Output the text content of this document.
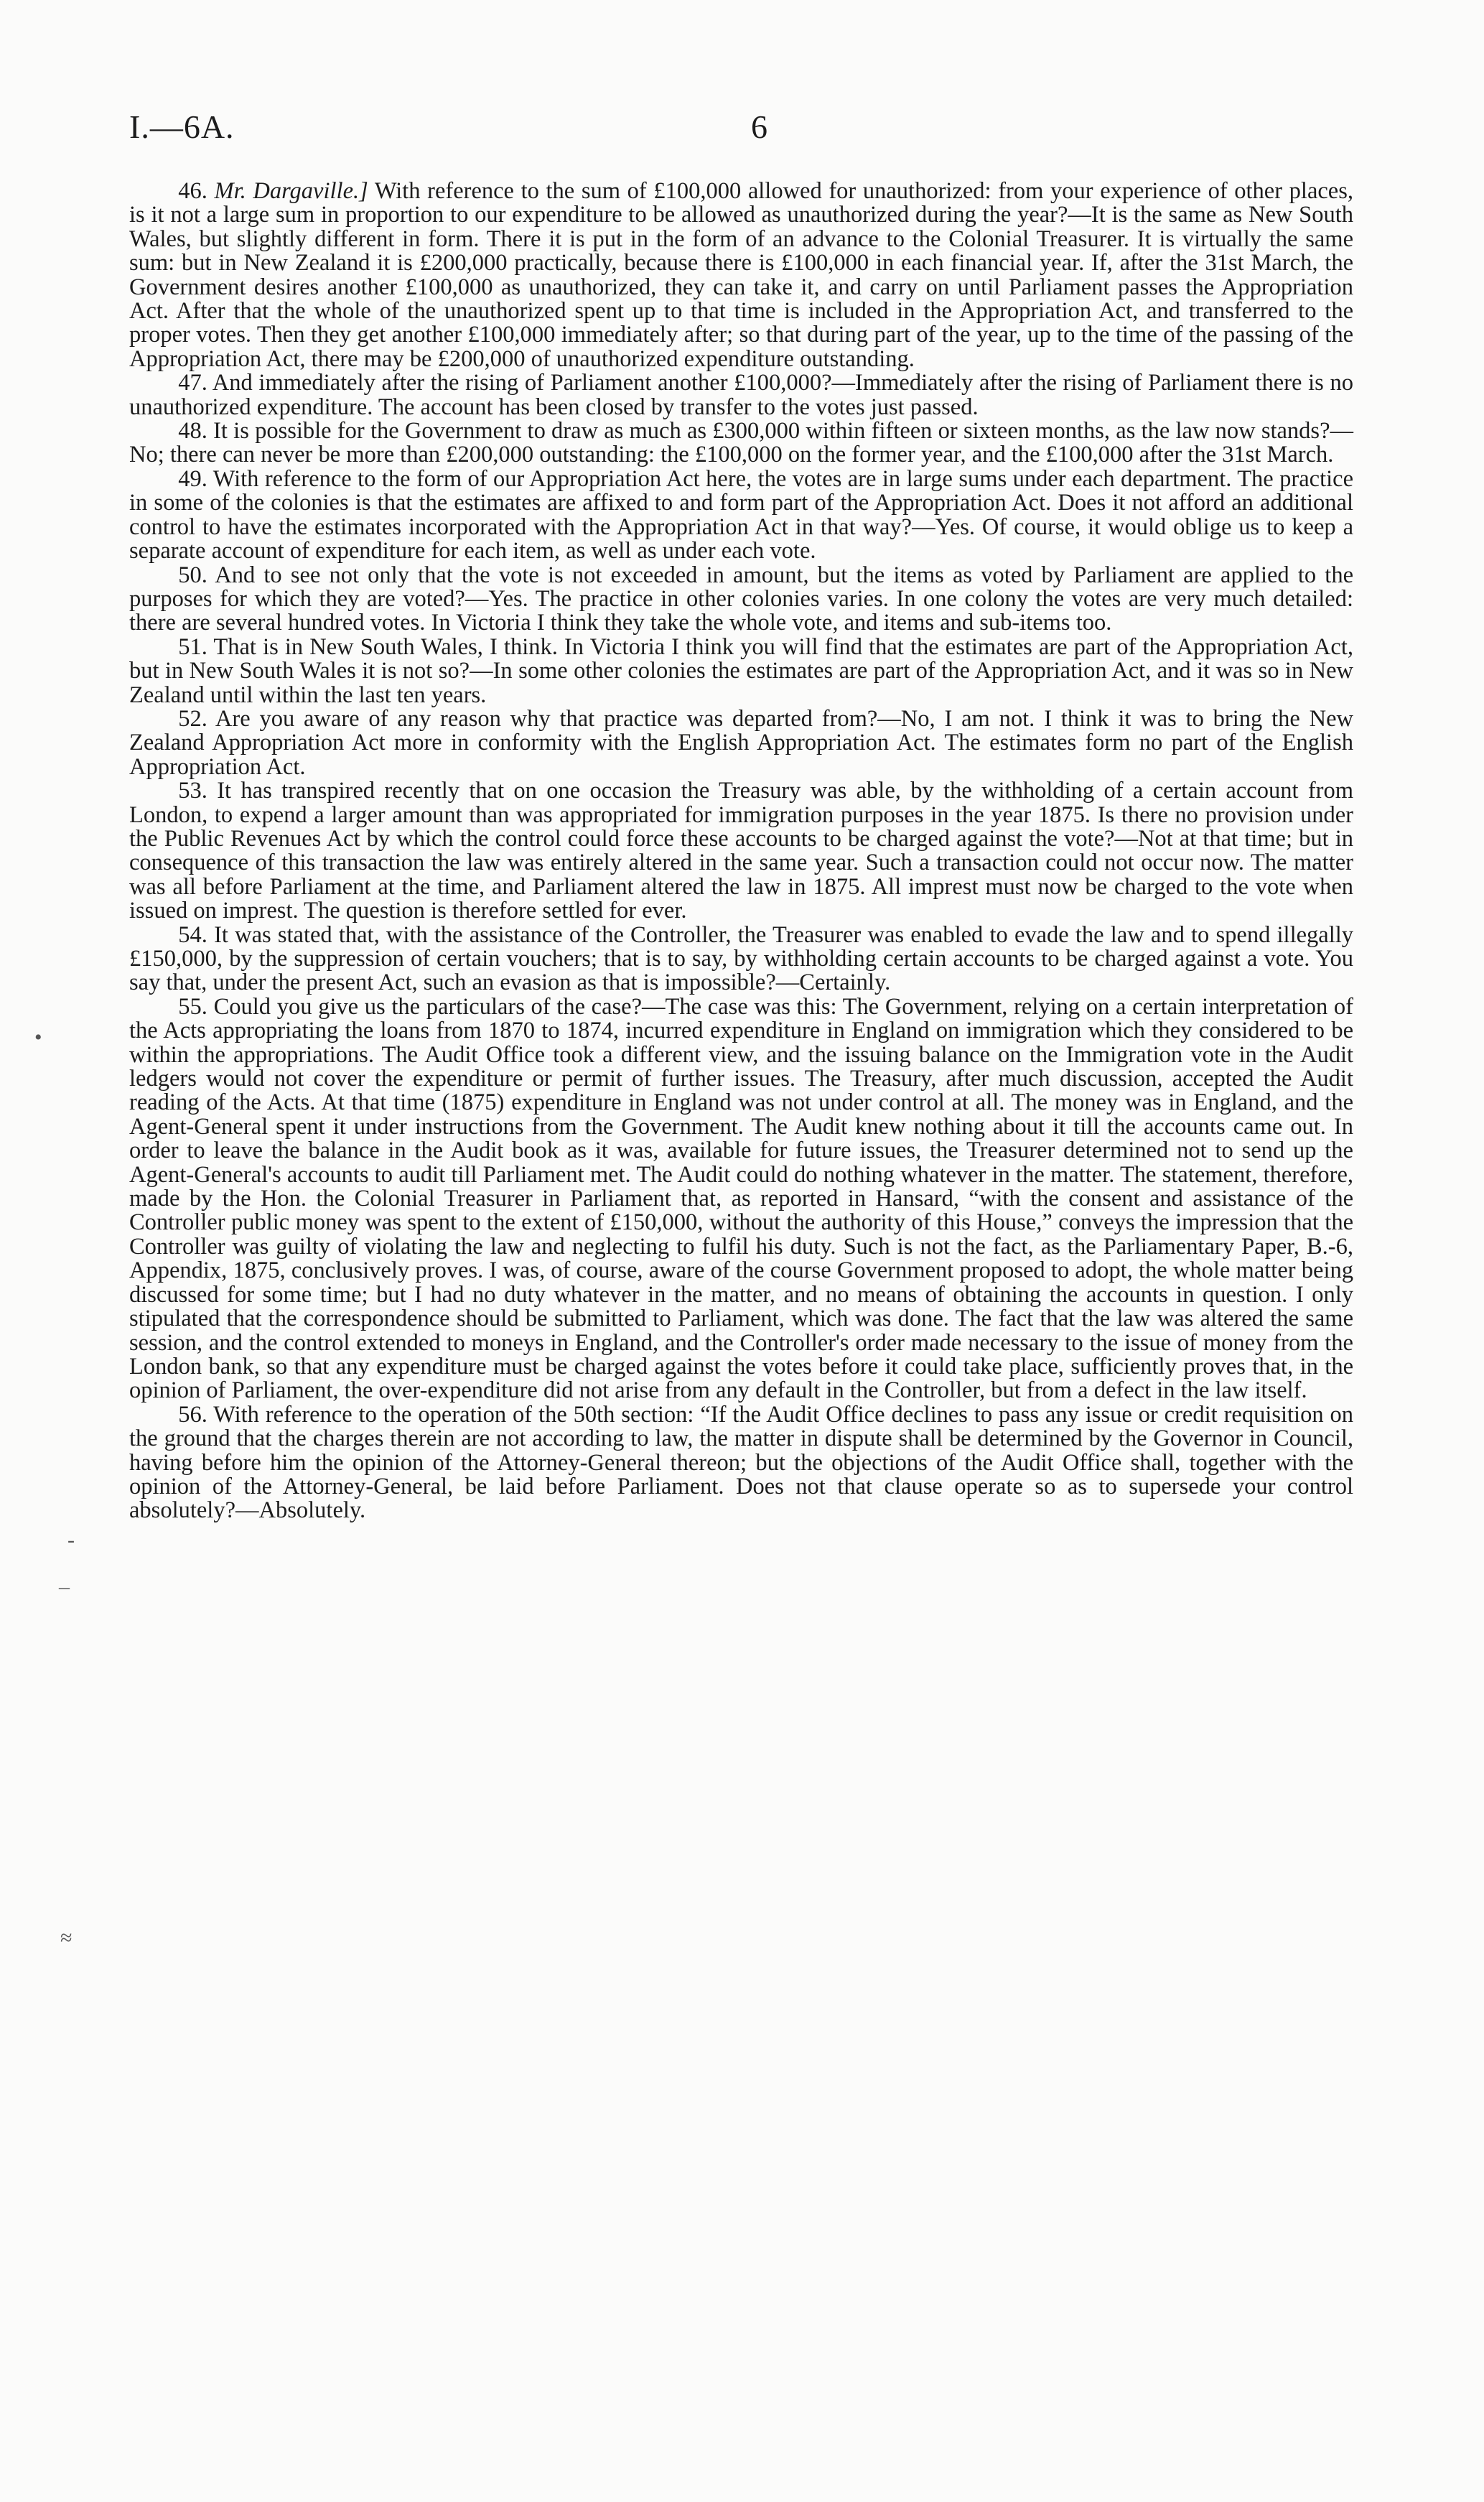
I.—6A.	6
•
-
–
≈

46. Mr. Dargaville.] With reference to the sum of £100,000 allowed for unauthorized: from your experience of other places, is it not a large sum in proportion to our expenditure to be allowed as unauthorized during the year?—It is the same as New South Wales, but slightly different in form. There it is put in the form of an advance to the Colonial Treasurer. It is virtually the same sum: but in New Zealand it is £200,000 practically, because there is £100,000 in each financial year. If, after the 31st March, the Government desires another £100,000 as unauthorized, they can take it, and carry on until Parliament passes the Appropriation Act. After that the whole of the unauthorized spent up to that time is included in the Appropriation Act, and transferred to the proper votes. Then they get another £100,000 immediately after; so that during part of the year, up to the time of the passing of the Appropriation Act, there may be £200,000 of unauthorized expenditure outstanding.

47. And immediately after the rising of Parliament another £100,000?—Immediately after the rising of Parliament there is no unauthorized expenditure. The account has been closed by transfer to the votes just passed.

48. It is possible for the Government to draw as much as £300,000 within fifteen or sixteen months, as the law now stands?—No; there can never be more than £200,000 outstanding: the £100,000 on the former year, and the £100,000 after the 31st March.

49. With reference to the form of our Appropriation Act here, the votes are in large sums under each department. The practice in some of the colonies is that the estimates are affixed to and form part of the Appropriation Act. Does it not afford an additional control to have the estimates incorporated with the Appropriation Act in that way?—Yes. Of course, it would oblige us to keep a separate account of expenditure for each item, as well as under each vote.

50. And to see not only that the vote is not exceeded in amount, but the items as voted by Parliament are applied to the purposes for which they are voted?—Yes. The practice in other colonies varies. In one colony the votes are very much detailed: there are several hundred votes. In Victoria I think they take the whole vote, and items and sub-items too.

51. That is in New South Wales, I think. In Victoria I think you will find that the estimates are part of the Appropriation Act, but in New South Wales it is not so?—In some other colonies the estimates are part of the Appropriation Act, and it was so in New Zealand until within the last ten years.

52. Are you aware of any reason why that practice was departed from?—No, I am not. I think it was to bring the New Zealand Appropriation Act more in conformity with the English Appropriation Act. The estimates form no part of the English Appropriation Act.

53. It has transpired recently that on one occasion the Treasury was able, by the withholding of a certain account from London, to expend a larger amount than was appropriated for immigration purposes in the year 1875. Is there no provision under the Public Revenues Act by which the control could force these accounts to be charged against the vote?—Not at that time; but in consequence of this transaction the law was entirely altered in the same year. Such a transaction could not occur now. The matter was all before Parliament at the time, and Parliament altered the law in 1875. All imprest must now be charged to the vote when issued on imprest. The question is therefore settled for ever.

54. It was stated that, with the assistance of the Controller, the Treasurer was enabled to evade the law and to spend illegally £150,000, by the suppression of certain vouchers; that is to say, by withholding certain accounts to be charged against a vote. You say that, under the present Act, such an evasion as that is impossible?—Certainly.

55. Could you give us the particulars of the case?—The case was this: The Government, relying on a certain interpretation of the Acts appropriating the loans from 1870 to 1874, incurred expenditure in England on immigration which they considered to be within the appropriations. The Audit Office took a different view, and the issuing balance on the Immigration vote in the Audit ledgers would not cover the expenditure or permit of further issues. The Treasury, after much discussion, accepted the Audit reading of the Acts. At that time (1875) expenditure in England was not under control at all. The money was in England, and the Agent-General spent it under instructions from the Government. The Audit knew nothing about it till the accounts came out. In order to leave the balance in the Audit book as it was, available for future issues, the Treasurer determined not to send up the Agent-General's accounts to audit till Parliament met. The Audit could do nothing whatever in the matter. The statement, therefore, made by the Hon. the Colonial Treasurer in Parliament that, as reported in Hansard, “with the consent and assistance of the Controller public money was spent to the extent of £150,000, without the authority of this House,” conveys the impression that the Controller was guilty of violating the law and neglecting to fulfil his duty. Such is not the fact, as the Parliamentary Paper, B.-6, Appendix, 1875, conclusively proves. I was, of course, aware of the course Government proposed to adopt, the whole matter being discussed for some time; but I had no duty whatever in the matter, and no means of obtaining the accounts in question. I only stipulated that the correspondence should be submitted to Parliament, which was done. The fact that the law was altered the same session, and the control extended to moneys in England, and the Controller's order made necessary to the issue of money from the London bank, so that any expenditure must be charged against the votes before it could take place, sufficiently proves that, in the opinion of Parliament, the over-expenditure did not arise from any default in the Controller, but from a defect in the law itself.

56. With reference to the operation of the 50th section: “If the Audit Office declines to pass any issue or credit requisition on the ground that the charges therein are not according to law, the matter in dispute shall be determined by the Governor in Council, having before him the opinion of the Attorney-General thereon; but the objections of the Audit Office shall, together with the opinion of the Attorney-General, be laid before Parliament. Does not that clause operate so as to supersede your control absolutely?—Absolutely.
